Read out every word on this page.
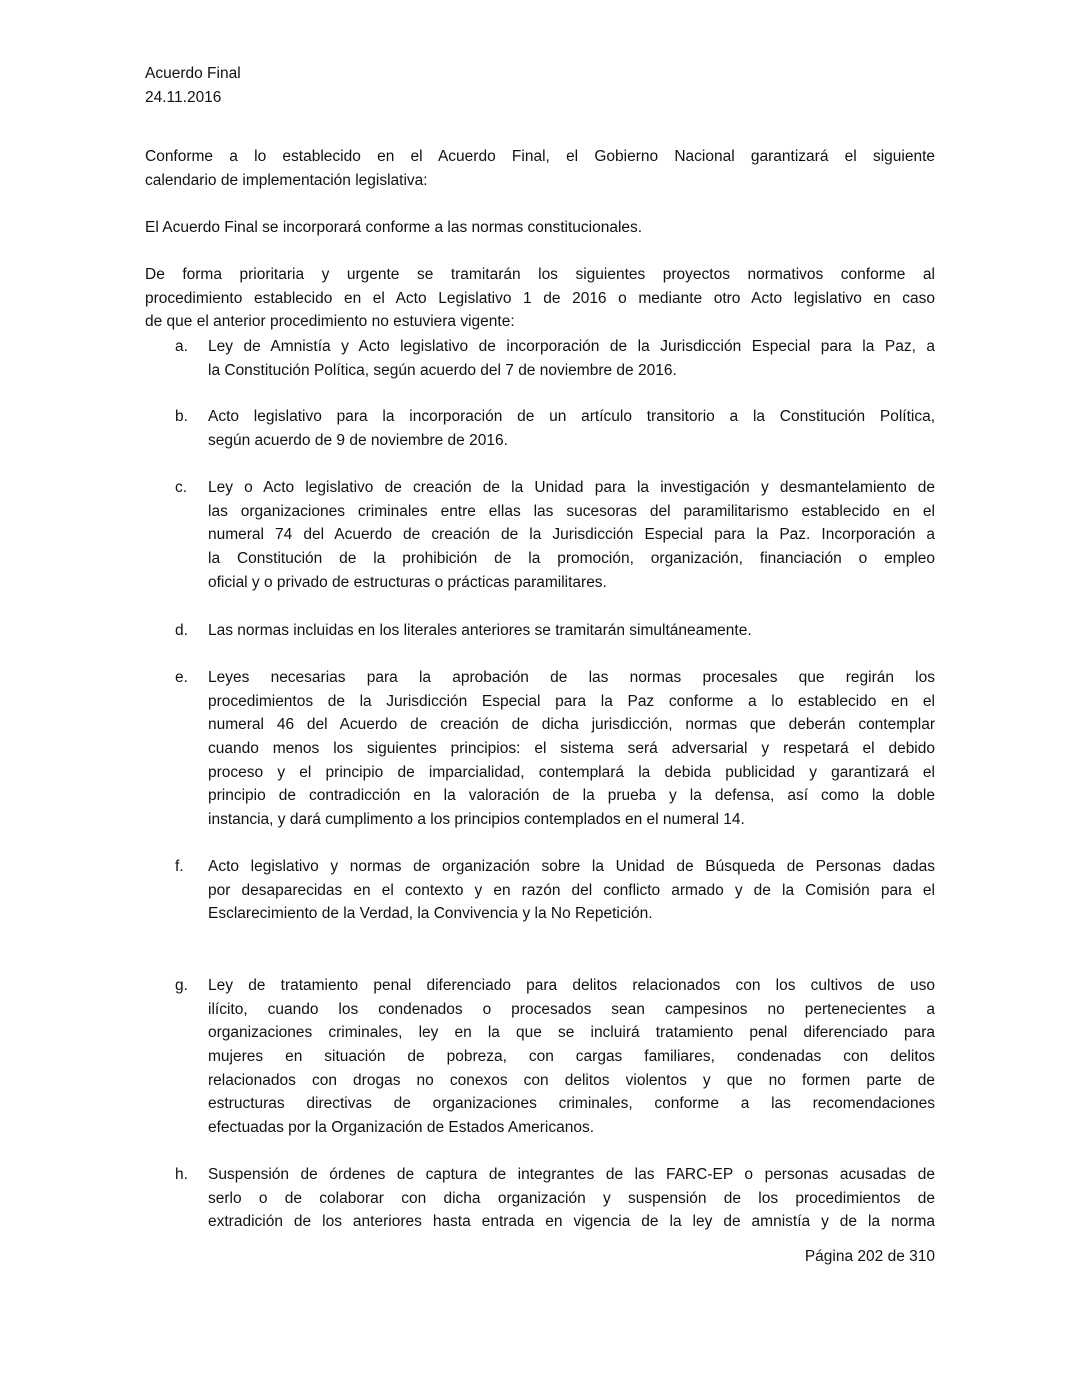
Acuerdo Final
24.11.2016
Conforme a lo establecido en el Acuerdo Final, el Gobierno Nacional garantizará el siguiente
calendario de implementación legislativa:
El Acuerdo Final se incorporará conforme a las normas constitucionales.
De forma prioritaria y urgente se tramitarán los siguientes proyectos normativos conforme al
procedimiento establecido en el Acto Legislativo 1 de 2016 o mediante otro Acto legislativo en caso
de que el anterior procedimiento no estuviera vigente:
a. Ley de Amnistía y Acto legislativo de incorporación de la Jurisdicción Especial para la Paz, a
la Constitución Política, según acuerdo del 7 de noviembre de 2016.
b. Acto legislativo para la incorporación de un artículo transitorio a la Constitución Política,
según acuerdo de 9 de noviembre de 2016.
c. Ley o Acto legislativo de creación de la Unidad para la investigación y desmantelamiento de
las organizaciones criminales entre ellas las sucesoras del paramilitarismo establecido en el
numeral 74 del Acuerdo de creación de la Jurisdicción Especial para la Paz. Incorporación a
la Constitución de la prohibición de la promoción, organización, financiación o empleo
oficial y o privado de estructuras o prácticas paramilitares.
d. Las normas incluidas en los literales anteriores se tramitarán simultáneamente.
e. Leyes necesarias para la aprobación de las normas procesales que regirán los
procedimientos de la Jurisdicción Especial para la Paz conforme a lo establecido en el
numeral 46 del Acuerdo de creación de dicha jurisdicción, normas que deberán contemplar
cuando menos los siguientes principios: el sistema será adversarial y respetará el debido
proceso y el principio de imparcialidad, contemplará la debida publicidad y garantizará el
principio de contradicción en la valoración de la prueba y la defensa, así como la doble
instancia, y dará cumplimento a los principios contemplados en el numeral 14.
f. Acto legislativo y normas de organización sobre la Unidad de Búsqueda de Personas dadas
por desaparecidas en el contexto y en razón del conflicto armado y de la Comisión para el
Esclarecimiento de la Verdad, la Convivencia y la No Repetición.
g. Ley de tratamiento penal diferenciado para delitos relacionados con los cultivos de uso
ilícito, cuando los condenados o procesados sean campesinos no pertenecientes a
organizaciones criminales, ley en la que se incluirá tratamiento penal diferenciado para
mujeres en situación de pobreza, con cargas familiares, condenadas con delitos
relacionados con drogas no conexos con delitos violentos y que no formen parte de
estructuras directivas de organizaciones criminales, conforme a las recomendaciones
efectuadas por la Organización de Estados Americanos.
h. Suspensión de órdenes de captura de integrantes de las FARC-EP o personas acusadas de
serlo o de colaborar con dicha organización y suspensión de los procedimientos de
extradición de los anteriores hasta entrada en vigencia de la ley de amnistía y de la norma
Página 202 de 310
